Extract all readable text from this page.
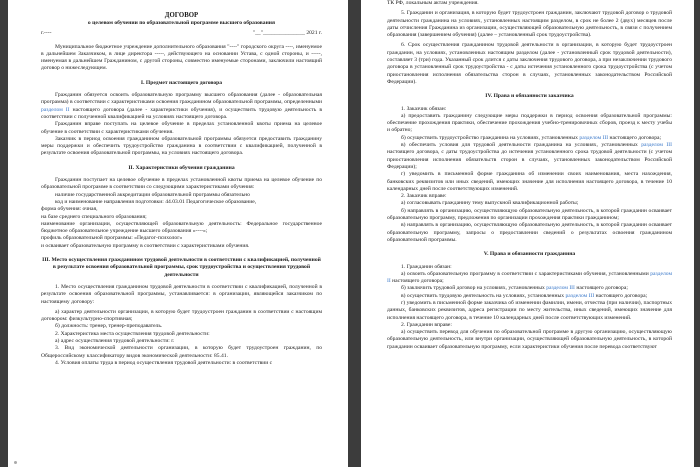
ДОГОВОР
о целевом обучении по образовательной программе высшего образования
г.----	"__"_______________ 2021 г.

Муниципальное бюджетное учреждение дополнительного образования "----" городского округа ----, именуемое в дальнейшем Заказчиком, в лице директора -----, действующего на основании Устава, с одной стороны, и -----, именуемая в дальнейшем Гражданином, с другой стороны, совместно именуемые сторонами, заключили настоящий договор о нижеследующем.

I. Предмет настоящего договора

Гражданин обязуется освоить образовательную программу высшего образования (далее - образовательная программа) в соответствии с характеристиками освоения гражданином образовательной программы, определенными разделом II настоящего договора (далее - характеристики обучения), и осуществить трудовую деятельность в соответствии с полученной квалификацией на условиях настоящего договора.

Гражданин вправе поступать на целевое обучение в пределах установленной квоты приема на целевое обучение в соответствии с характеристиками обучения.

Заказчик в период освоения гражданином образовательной программы обязуется предоставить гражданину меры поддержки и обеспечить трудоустройство гражданина в соответствии с квалификацией, полученной в результате освоения образовательной программы, на условиях настоящего договора.

II. Характеристики обучения гражданина

Гражданин поступает на целевое обучение в пределах установленной квоты приема на целевое обучение по образовательной программе в соответствии со следующими характеристиками обучения:

наличие государственной аккредитации образовательной программы обязательно

код и наименование направления подготовки: 44.03.01 Педагогическое образование,

форма обучения: очная,

на базе среднего специального образования;

наименование организации, осуществляющей образовательную деятельность: Федеральное государственное бюджетное образовательное учреждение высшего образования «----»;

профиль образовательной программы: «Педагог-психолог»

и осваивает образовательную программу в соответствии с характеристиками обучения.

III. Место осуществления гражданином трудовой деятельности в соответствии с квалификацией, полученной в результате освоения образовательной программы, срок трудоустройства и осуществления трудовой деятельности

1. Место осуществления гражданином трудовой деятельности в соответствии с квалификацией, полученной в результате освоения образовательной программы, устанавливается: в организации, являющейся заказчиком по настоящему договору:

а) характер деятельности организации, в которую будет трудоустроен гражданин в соответствии с настоящим договором: физкультурно-спортивная;

б) должность: тренер, тренер-преподаватель.

2. Характеристика места осуществления трудовой деятельности:

а) адрес осуществления трудовой деятельности: г.

3. Вид экономической деятельности организации, в которую будет трудоустроен гражданин, по Общероссийскому классификатору видов экономической деятельности: 85.41.

4. Условия оплаты труда в период осуществления трудовой деятельности: в соответствии с

ТК РФ, локальным актам учреждения.

5. Гражданин и организация, в которую будет трудоустроен гражданин, заключают трудовой договор о трудовой деятельности гражданина на условиях, установленных настоящим разделом, в срок не более 2 (двух) месяцев после даты отчисления Гражданина из организации, осуществляющей образовательную деятельность, в связи с получением образования (завершением обучения) (далее – установленный срок трудоустройства).

6. Срок осуществления гражданином трудовой деятельности в организации, в которую будет трудоустроен гражданин, на условиях, установленных настоящим разделом (далее - установленный срок трудовой деятельности), составляет 3 (три) года. Указанный срок длится с даты заключения трудового договора, а при незаключении трудового договора в установленный срок трудоустройства - с даты истечения установленного срока трудоустройства (с учетом приостановления исполнения обязательства сторон в случаях, установленных законодательством Российской Федерации).

IV. Права и обязанности заказчика

1. Заказчик обязан:

а) предоставить гражданину следующие меры поддержки в период освоения образовательной программы: обеспечение прохождения практики, обеспечение прохождения учебно-тренировочных сборов, проезд к месту учебы и обратно;

б) осуществить трудоустройство гражданина на условиях, установленных разделом III настоящего договора;

в) обеспечить условия для трудовой деятельности гражданина на условиях, установленных разделом III настоящего договора, с даты трудоустройства до истечения установленного срока трудовой деятельности (с учетом приостановления исполнения обязательств сторон в случаях, установленных законодательством Российской Федерации);

г) уведомить в письменной форме гражданина об изменении своих наименования, места нахождения, банковских реквизитов или иных сведений, имеющих значение для исполнения настоящего договора, в течение 10 календарных дней после соответствующих изменений.

2. Заказчик вправе:

а) согласовывать гражданину тему выпускной квалификационной работы;

б) направлять в организацию, осуществляющую образовательную деятельность, в которой гражданин осваивает образовательную программу, предложения по организации прохождения практики гражданином;

в) направлять в организацию, осуществляющую образовательную деятельность, в которой гражданин осваивает образовательную программу, запросы о предоставлении сведений о результатах освоения гражданином образовательной программы.

V. Права и обязанности гражданина

1. Гражданин обязан:

а) освоить образовательную программу в соответствии с характеристиками обучения, установленными разделом II настоящего договора;

б) заключить трудовой договор на условиях, установленных разделом III настоящего договора;

в) осуществить трудовую деятельность на условиях, установленных разделом III настоящего договора;

г) уведомить в письменной форме заказчика об изменении фамилии, имени, отчества (при наличии), паспортных данных, банковских реквизитов, адреса регистрации по месту жительства, иных сведений, имеющих значение для исполнения настоящего договора, в течение 10 календарных дней после соответствующих изменений.

2. Гражданин вправе:

а) осуществить перевод для обучения по образовательной программе в другую организацию, осуществляющую образовательную деятельность, или внутри организации, осуществляющей образовательную деятельность, в которой гражданин осваивает образовательную программу, если характеристики обучения после перевода соответствуют
